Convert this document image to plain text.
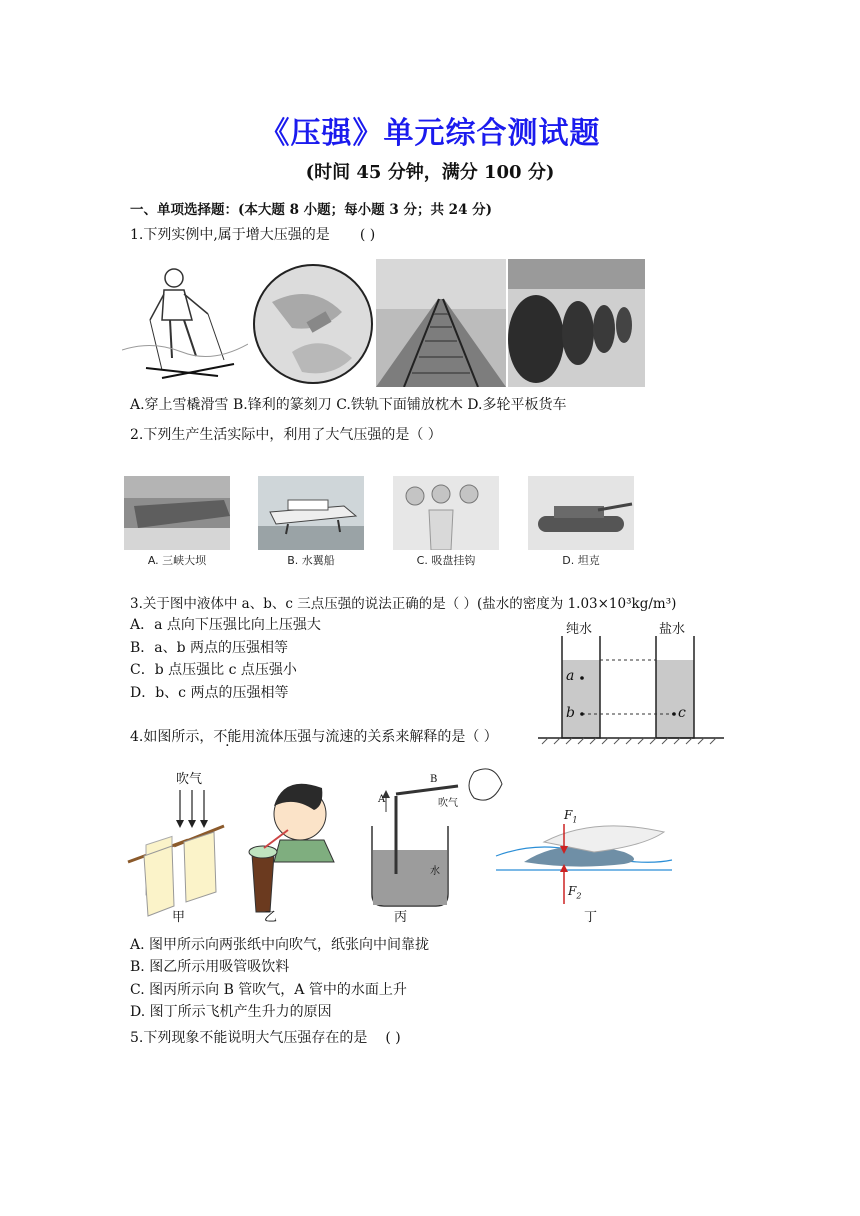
《压强》单元综合测试题
(时间 45 分钟，满分 100 分)
一、单项选择题：(本大题 8 小题；每小题 3 分；共 24 分)
1.下列实例中,属于增大压强的是 ( )
A.穿上雪橇滑雪 B.锋利的篆刻刀 C.铁轨下面铺放枕木 D.多轮平板货车
2.下列生产生活实际中，利用了大气压强的是（ ）
A. 三峡大坝	B. 水翼船	C. 吸盘挂钩	D. 坦克
3.关于图中液体中 a、b、c 三点压强的说法正确的是（ ）(盐水的密度为 1.03×10³kg/m³)
A．a 点向下压强比向上压强大
B．a、b 两点的压强相等
C．b 点压强比 c 点压强小
D．b、c 两点的压强相等
纯水	盐水
a
b	c
4.如图所示，不能用流体压强与流速的关系来解释的是（ ）
吹气
甲	乙	丙	丁
A
B
吹气
水
$F_1$
$F_2$
A. 图甲所示向两张纸中向吹气，纸张向中间靠拢
B. 图乙所示用吸管吸饮料
C. 图丙所示向 B 管吹气，A 管中的水面上升
D. 图丁所示飞机产生升力的原因
5.下列现象不能说明大气压强存在的是 ( )
